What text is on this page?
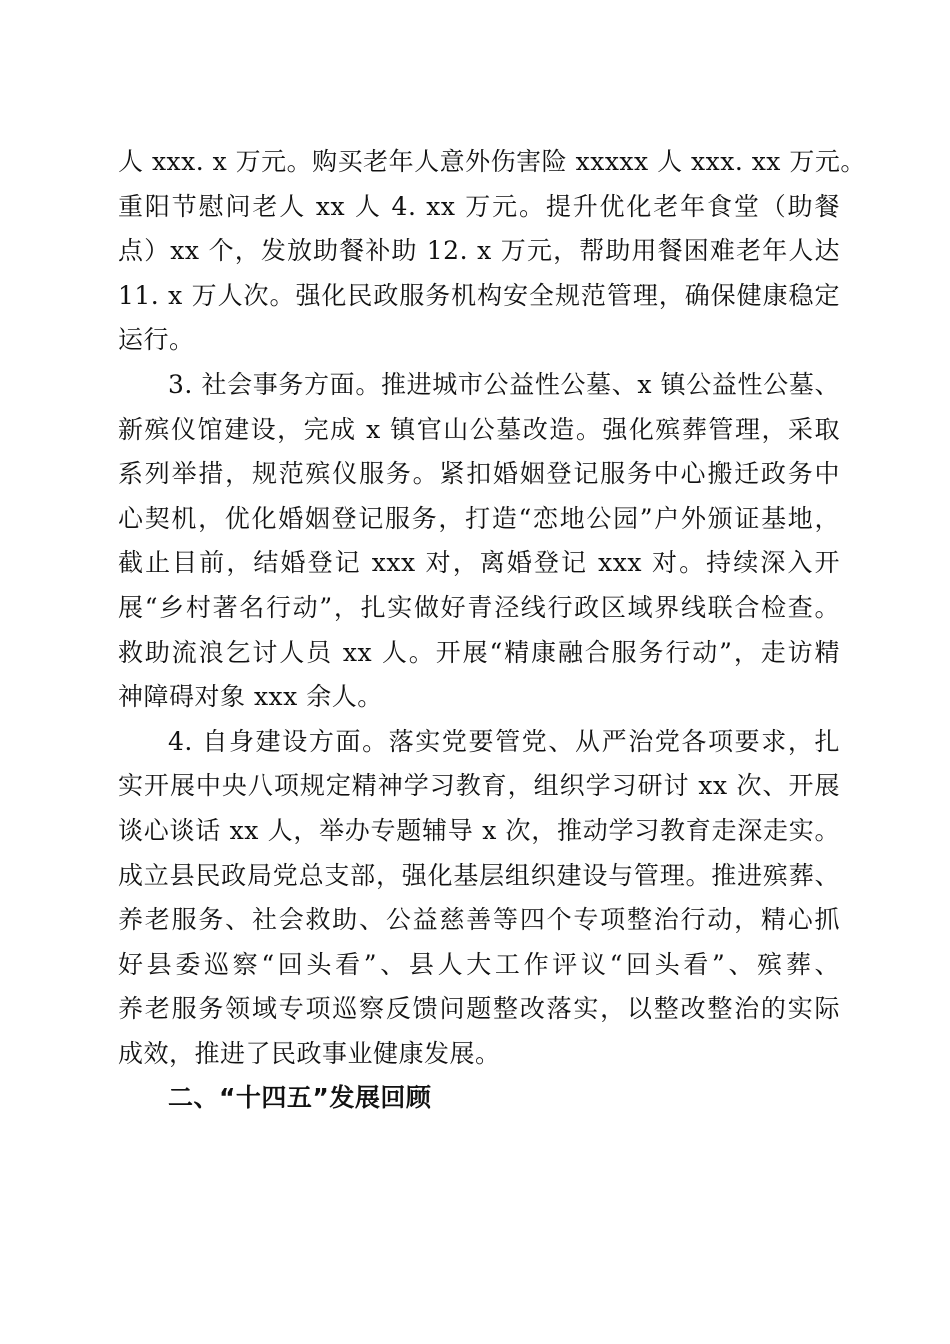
人 xxx. x 万元。购买老年人意外伤害险 xxxxx 人 xxx. xx 万元。
重阳节慰问老人 xx 人 4. xx 万元。提升优化老年食堂（助餐
点）xx 个，发放助餐补助 12. x 万元，帮助用餐困难老年人达
11. x 万人次。强化民政服务机构安全规范管理，确保健康稳定
运行。
3. 社会事务方面。推进城市公益性公墓、x 镇公益性公墓、
新殡仪馆建设，完成 x 镇官山公墓改造。强化殡葬管理，采取
系列举措，规范殡仪服务。紧扣婚姻登记服务中心搬迁政务中
心契机，优化婚姻登记服务，打造“恋地公园”户外颁证基地，
截止目前，结婚登记 xxx 对，离婚登记 xxx 对。持续深入开
展“乡村著名行动”，扎实做好青泾线行政区域界线联合检查。
救助流浪乞讨人员 xx 人。开展“精康融合服务行动”，走访精
神障碍对象 xxx 余人。
4. 自身建设方面。落实党要管党、从严治党各项要求，扎
实开展中央八项规定精神学习教育，组织学习研讨 xx 次、开展
谈心谈话 xx 人，举办专题辅导 x 次，推动学习教育走深走实。
成立县民政局党总支部，强化基层组织建设与管理。推进殡葬、
养老服务、社会救助、公益慈善等四个专项整治行动，精心抓
好县委巡察“回头看”、县人大工作评议“回头看”、殡葬、
养老服务领域专项巡察反馈问题整改落实，以整改整治的实际
成效，推进了民政事业健康发展。
二、“十四五”发展回顾
